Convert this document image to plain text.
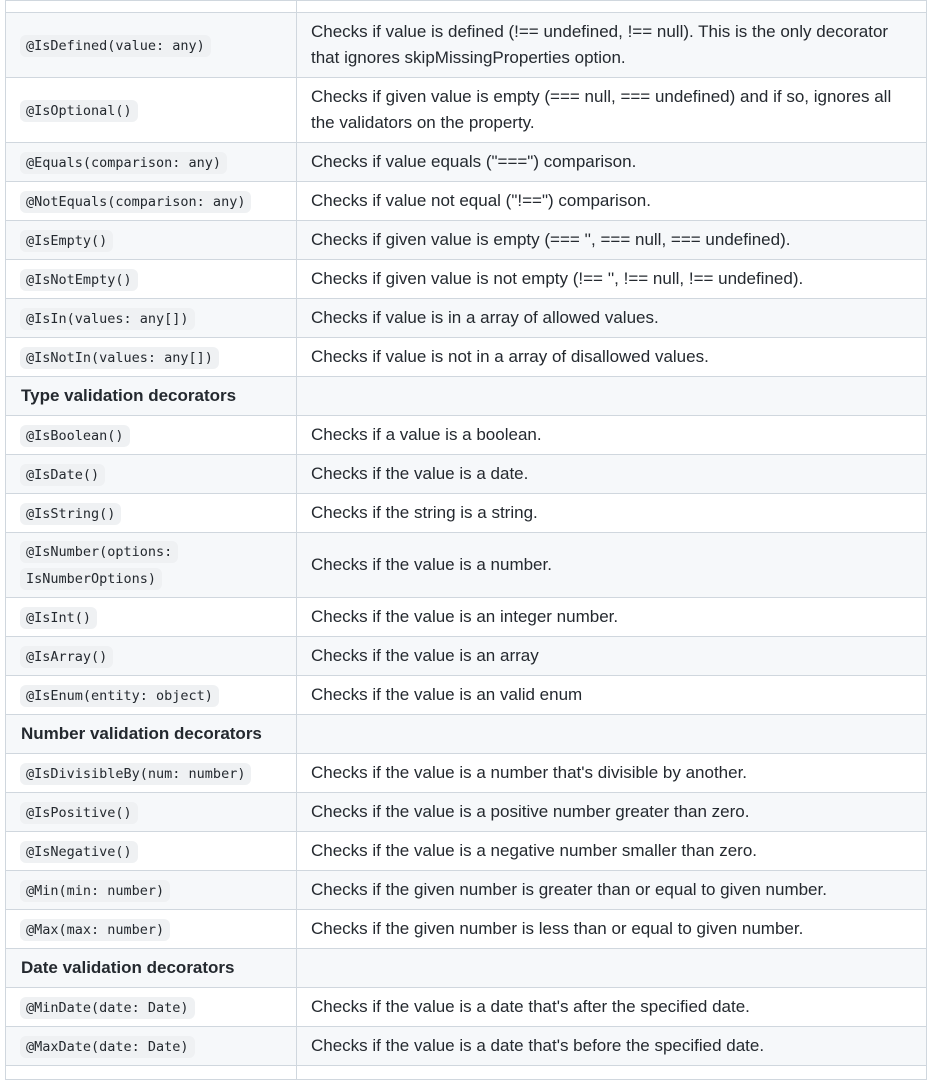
@IsDefined(value: any)	Checks if value is defined (!== undefined, !== null). This is the only decorator that ignores skipMissingProperties option.
@IsOptional()	Checks if given value is empty (=== null, === undefined) and if so, ignores all the validators on the property.
@Equals(comparison: any)	Checks if value equals ("===") comparison.
@NotEquals(comparison: any)	Checks if value not equal ("!==") comparison.
@IsEmpty()	Checks if given value is empty (=== '', === null, === undefined).
@IsNotEmpty()	Checks if given value is not empty (!== '', !== null, !== undefined).
@IsIn(values: any[])	Checks if value is in a array of allowed values.
@IsNotIn(values: any[])	Checks if value is not in a array of disallowed values.
Type validation decorators	
@IsBoolean()	Checks if a value is a boolean.
@IsDate()	Checks if the value is a date.
@IsString()	Checks if the string is a string.
@IsNumber(options: IsNumberOptions)	Checks if the value is a number.
@IsInt()	Checks if the value is an integer number.
@IsArray()	Checks if the value is an array
@IsEnum(entity: object)	Checks if the value is an valid enum
Number validation decorators	
@IsDivisibleBy(num: number)	Checks if the value is a number that's divisible by another.
@IsPositive()	Checks if the value is a positive number greater than zero.
@IsNegative()	Checks if the value is a negative number smaller than zero.
@Min(min: number)	Checks if the given number is greater than or equal to given number.
@Max(max: number)	Checks if the given number is less than or equal to given number.
Date validation decorators	
@MinDate(date: Date)	Checks if the value is a date that's after the specified date.
@MaxDate(date: Date)	Checks if the value is a date that's before the specified date.
